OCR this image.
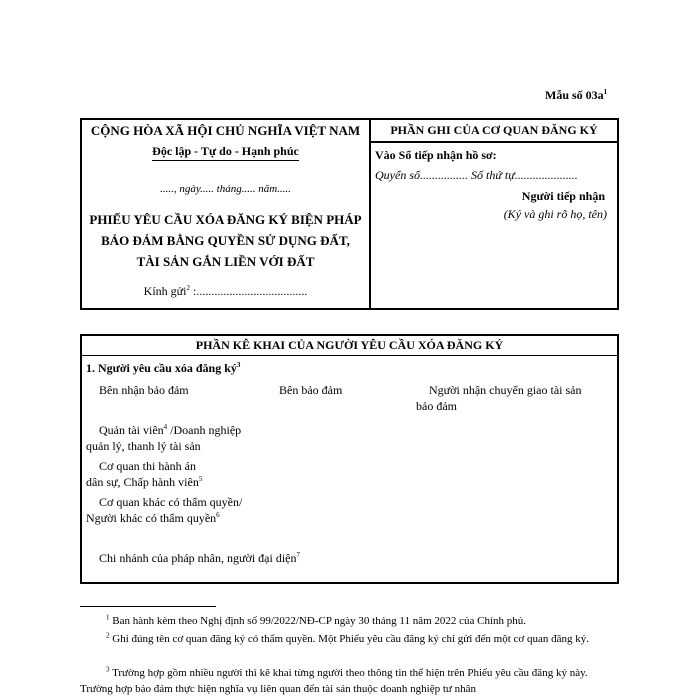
Mẫu số $03a^1$
CỘNG HÒA XÃ HỘI CHỦ NGHĨA VIỆT NAM
Độc lập - Tự do - Hạnh phúc
....., ngày..... tháng..... năm.....
PHIẾU YÊU CẦU XÓA ĐĂNG KÝ BIỆN PHÁP
BẢO ĐẢM BẰNG QUYỀN SỬ DỤNG ĐẤT,
TÀI SẢN GẮN LIỀN VỚI ĐẤT
Kính gửi$^2$ :.....................................
PHẦN GHI CỦA CƠ QUAN ĐĂNG KÝ
Vào Sổ tiếp nhận hồ sơ:
Quyển số................ Số thứ tự.....................
Người tiếp nhận
(Ký và ghi rõ họ, tên)
PHẦN KÊ KHAI CỦA NGƯỜI YÊU CẦU XÓA ĐĂNG KÝ
1. Người yêu cầu xóa đăng $ký^3$
Bên nhận bảo đảm	Bên bảo đảm	Người nhận chuyển giao tài sản
bảo đảm
Quản tài viên$^4$ /Doanh nghiệp
quản lý, thanh lý tài sản
Cơ quan thi hành án
dân sự, Chấp hành viên$^5$
Cơ quan khác có thẩm quyền/
Người khác có thẩm quyền$^6$
Chi nhánh của pháp nhân, người đại diện$^7$
$^1$ Ban hành kèm theo Nghị định số 99/2022/NĐ-CP ngày 30 tháng 11 năm 2022 của Chính phủ.
$^2$ Ghi đúng tên cơ quan đăng ký có thẩm quyền. Một Phiếu yêu cầu đăng ký chỉ gửi đến một cơ quan đăng ký.
$^3$ Trường hợp gồm nhiều người thì kê khai từng người theo thông tin thể hiện trên Phiếu yêu cầu đăng ký này. Trường hợp bảo đảm thực hiện nghĩa vụ liên quan đến tài sản thuộc doanh nghiệp tư nhân
